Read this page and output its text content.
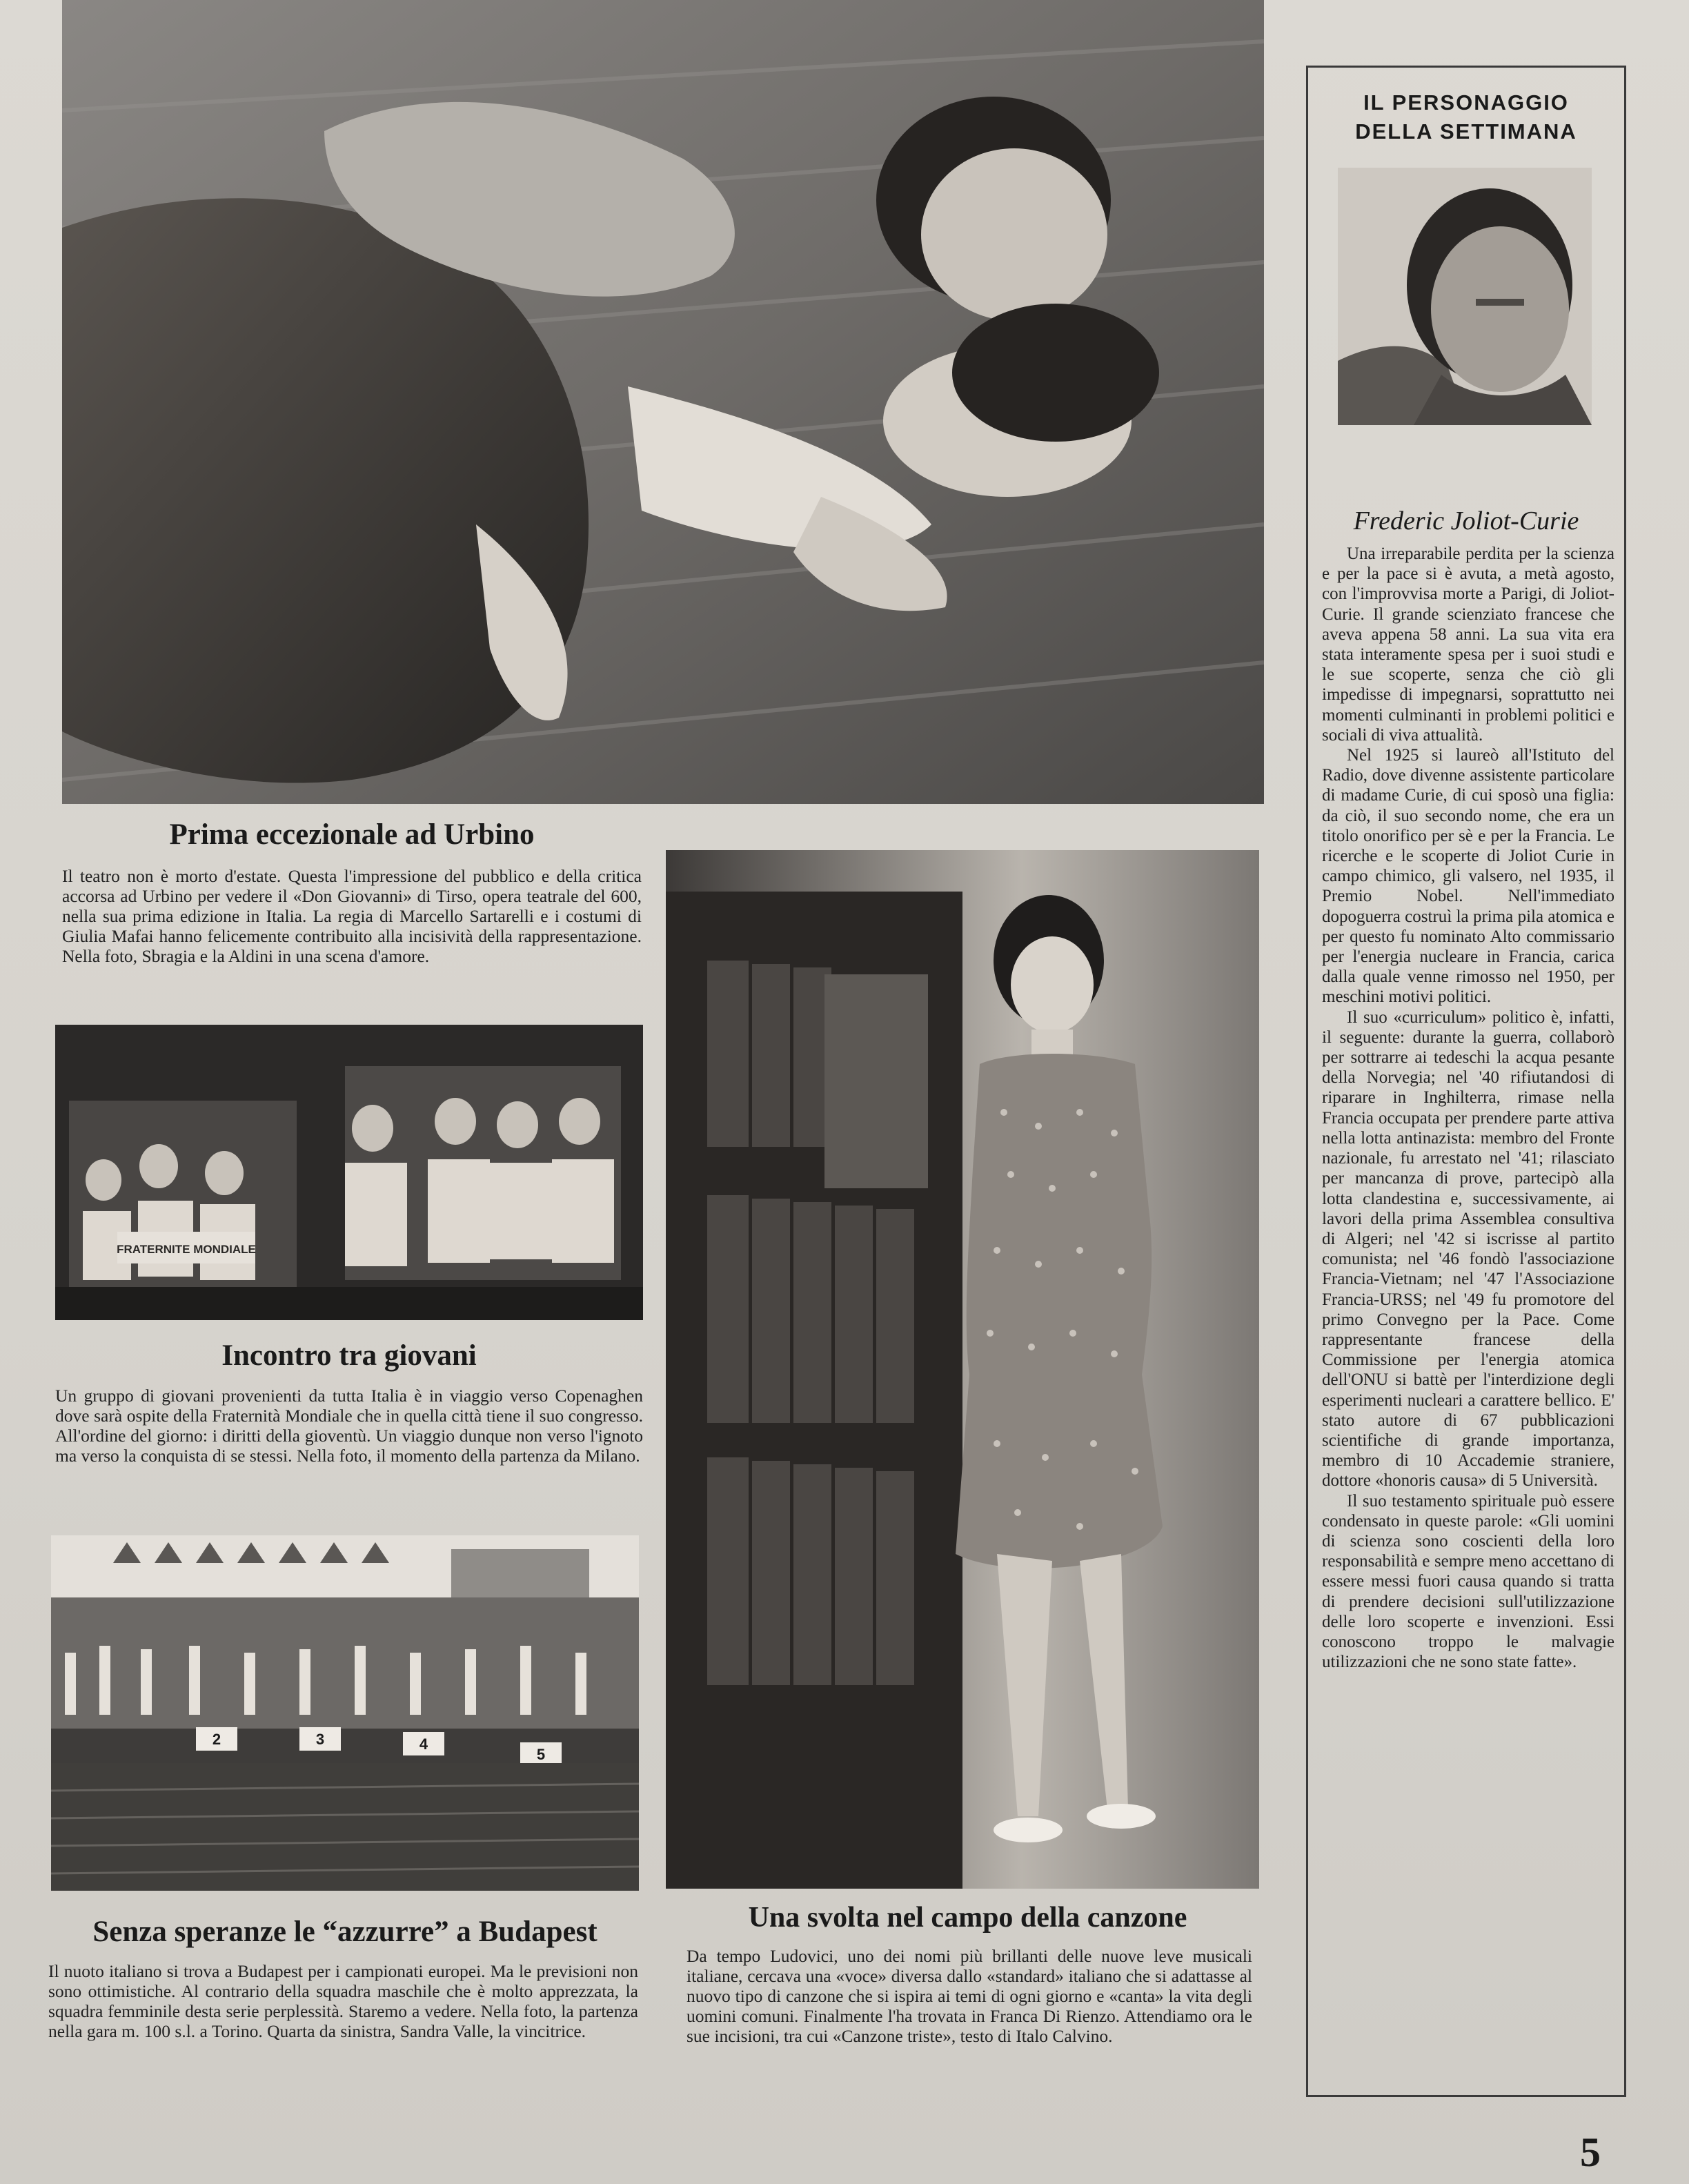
Prima eccezionale ad Urbino

Il teatro non è morto d'estate. Questa l'impressione del pubblico e della critica accorsa ad Urbino per vedere il «Don Giovanni» di Tirso, opera teatrale del 600, nella sua prima edizione in Italia. La regia di Marcello Sartarelli e i costumi di Giulia Mafai hanno felicemente contribuito alla incisività della rappresentazione. Nella foto, Sbragia e la Aldini in una scena d'amore.

FRATERNITE MONDIALE
Incontro tra giovani

Un gruppo di giovani provenienti da tutta Italia è in viaggio verso Copenaghen dove sarà ospite della Fraternità Mondiale che in quella città tiene il suo congresso. All'ordine del giorno: i diritti della gioventù. Un viaggio dunque non verso l'ignoto ma verso la conquista di se stessi. Nella foto, il momento della partenza da Milano.

2	3	4
5
Senza speranze le “azzurre” a Budapest

Il nuoto italiano si trova a Budapest per i campionati europei. Ma le previsioni non sono ottimistiche. Al contrario della squadra maschile che è molto apprezzata, la squadra femminile desta serie perplessità. Staremo a vedere. Nella foto, la partenza nella gara m. 100 s.l. a Torino. Quarta da sinistra, Sandra Valle, la vincitrice.

Una svolta nel campo della canzone

Da tempo Ludovici, uno dei nomi più brillanti delle nuove leve musicali italiane, cercava una «voce» diversa dallo «standard» italiano che si adattasse al nuovo tipo di canzone che si ispira ai temi di ogni giorno e «canta» la vita degli uomini comuni. Finalmente l'ha trovata in Franca Di Rienzo. Attendiamo ora le sue incisioni, tra cui «Canzone triste», testo di Italo Calvino.

IL PERSONAGGIO
DELLA SETTIMANA
Frederic Joliot-Curie

Una irreparabile perdita per la scienza e per la pace si è avuta, a metà agosto, con l'improvvisa morte a Parigi, di Joliot-Curie. Il grande scienziato francese che aveva appena 58 anni. La sua vita era stata interamente spesa per i suoi studi e le sue scoperte, senza che ciò gli impedisse di impegnarsi, soprattutto nei momenti culminanti in problemi politici e sociali di viva attualità.

Nel 1925 si laureò all'Istituto del Radio, dove divenne assistente particolare di madame Curie, di cui sposò una figlia: da ciò, il suo secondo nome, che era un titolo onorifico per sè e per la Francia. Le ricerche e le scoperte di Joliot Curie in campo chimico, gli valsero, nel 1935, il Premio Nobel. Nell'immediato dopoguerra costruì la prima pila atomica e per questo fu nominato Alto commissario per l'energia nucleare in Francia, carica dalla quale venne rimosso nel 1950, per meschini motivi politici.

Il suo «curriculum» politico è, infatti, il seguente: durante la guerra, collaborò per sottrarre ai tedeschi la acqua pesante della Norvegia; nel '40 rifiutandosi di riparare in Inghilterra, rimase nella Francia occupata per prendere parte attiva nella lotta antinazista: membro del Fronte nazionale, fu arrestato nel '41; rilasciato per mancanza di prove, partecipò alla lotta clandestina e, successivamente, ai lavori della prima Assemblea consultiva di Algeri; nel '42 si iscrisse al partito comunista; nel '46 fondò l'associazione Francia-Vietnam; nel '47 l'Associazione Francia-URSS; nel '49 fu promotore del primo Convegno per la Pace. Come rappresentante francese della Commissione per l'energia atomica dell'ONU si battè per l'interdizione degli esperimenti nucleari a carattere bellico. E' stato autore di 67 pubblicazioni scientifiche di grande importanza, membro di 10 Accademie straniere, dottore «honoris causa» di 5 Università.

Il suo testamento spirituale può essere condensato in queste parole: «Gli uomini di scienza sono coscienti della loro responsabilità e sempre meno accettano di essere messi fuori causa quando si tratta di prendere decisioni sull'utilizzazione delle loro scoperte e invenzioni. Essi conoscono troppo le malvagie utilizzazioni che ne sono state fatte».

5
